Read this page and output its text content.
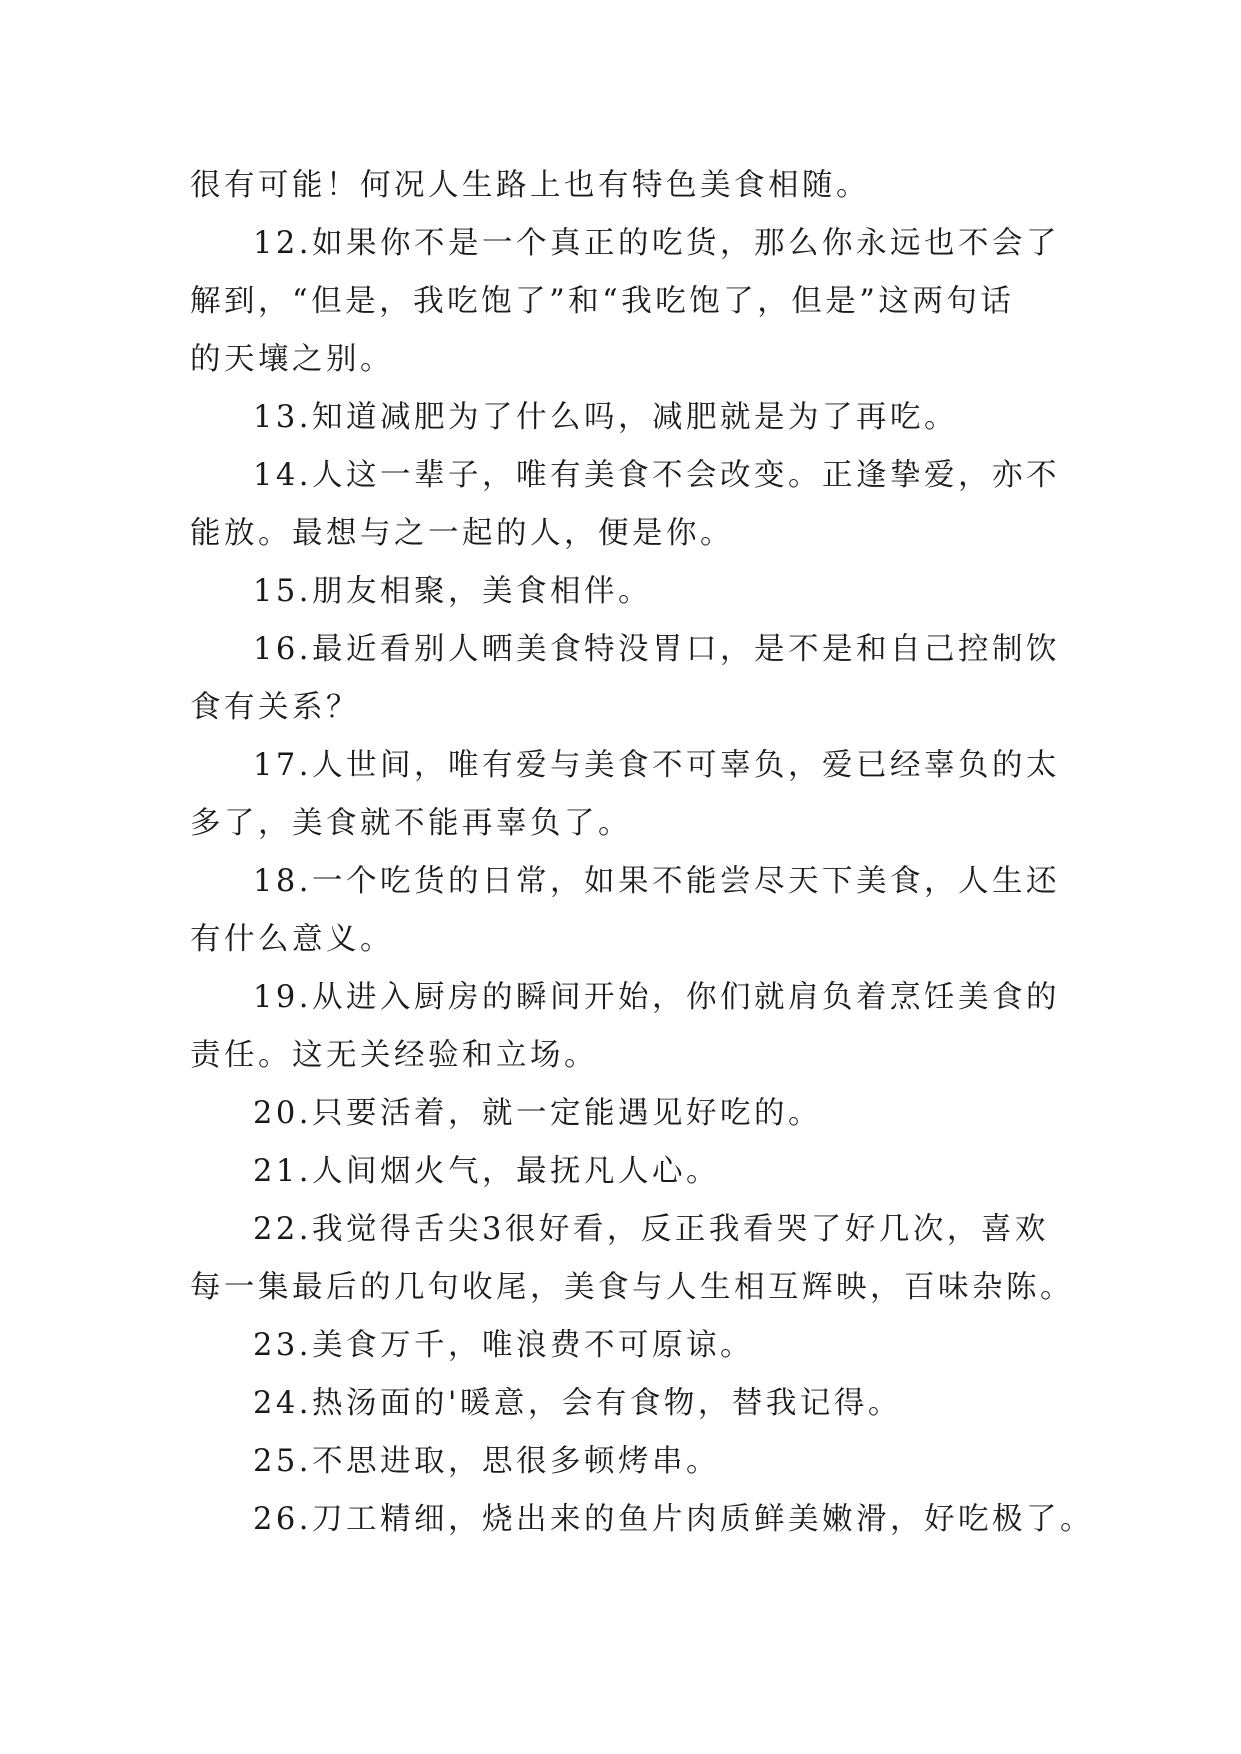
很有可能！何况人生路上也有特色美食相随。
12.如果你不是一个真正的吃货，那么你永远也不会了
解到，“但是，我吃饱了”和“我吃饱了，但是”这两句话
的天壤之别。
13.知道减肥为了什么吗，减肥就是为了再吃。
14.人这一辈子，唯有美食不会改变。正逢挚爱，亦不
能放。最想与之一起的人，便是你。
15.朋友相聚，美食相伴。
16.最近看别人晒美食特没胃口，是不是和自己控制饮
食有关系？
17.人世间，唯有爱与美食不可辜负，爱已经辜负的太
多了，美食就不能再辜负了。
18.一个吃货的日常，如果不能尝尽天下美食，人生还
有什么意义。
19.从进入厨房的瞬间开始，你们就肩负着烹饪美食的
责任。这无关经验和立场。
20.只要活着，就一定能遇见好吃的。
21.人间烟火气，最抚凡人心。
22.我觉得舌尖3很好看，反正我看哭了好几次，喜欢
每一集最后的几句收尾，美食与人生相互辉映，百味杂陈。
23.美食万千，唯浪费不可原谅。
24.热汤面的'暖意，会有食物，替我记得。
25.不思进取，思很多顿烤串。
26.刀工精细，烧出来的鱼片肉质鲜美嫩滑，好吃极了。
